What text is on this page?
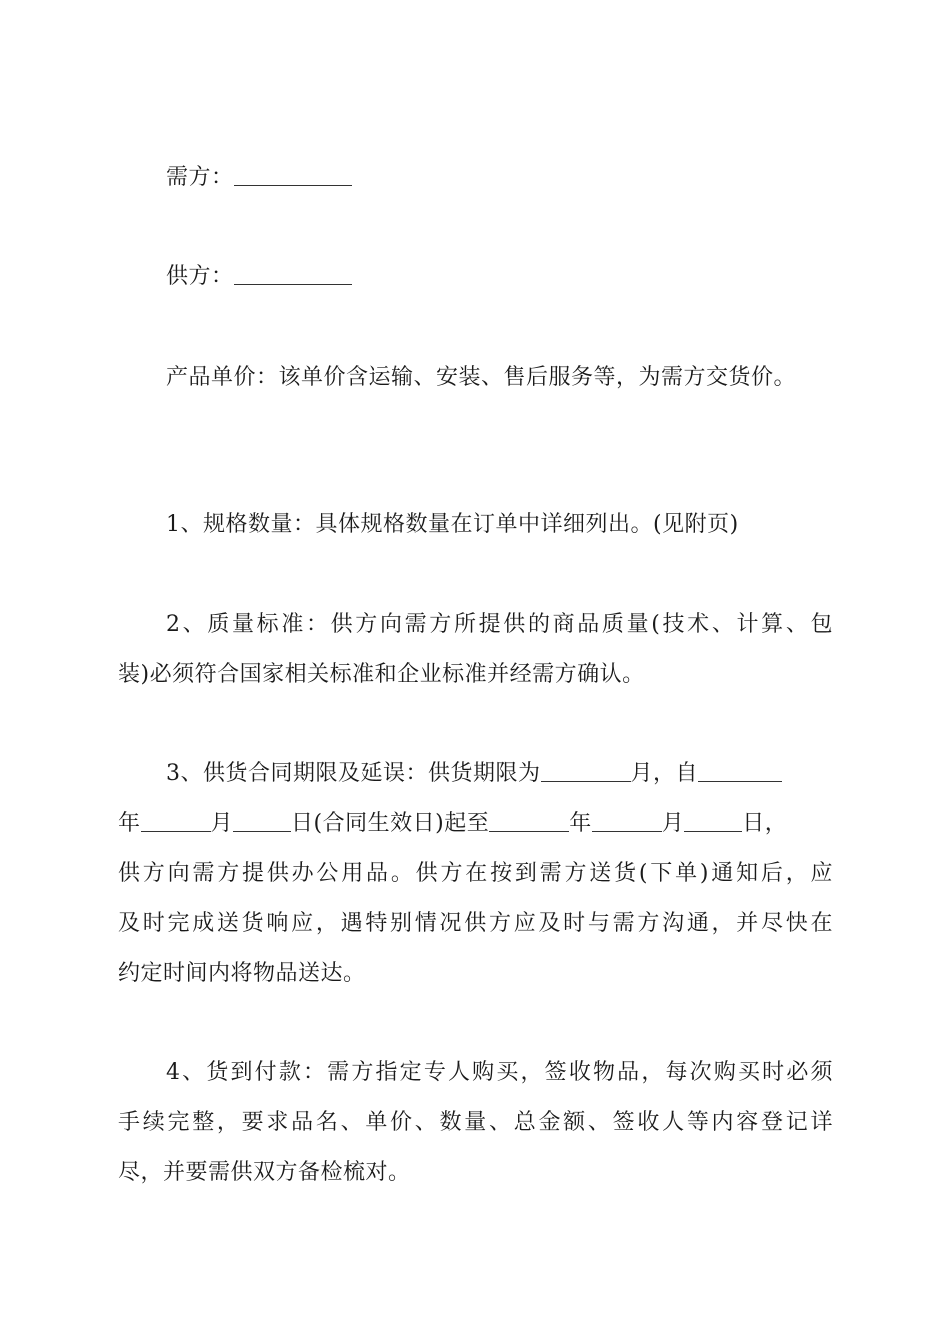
需方：
供方：
产品单价：该单价含运输、安装、售后服务等，为需方交货价。
1、规格数量：具体规格数量在订单中详细列出。(见附页)
2、质量标准：供方向需方所提供的商品质量(技术、计算、包
装)必须符合国家相关标准和企业标准并经需方确认。
3、供货合同期限及延误：供货期限为	月，自
年	月	日(合同生效日)起至	年	月	日，
供方向需方提供办公用品。供方在按到需方送货(下单)通知后，应
及时完成送货响应，遇特别情况供方应及时与需方沟通，并尽快在
约定时间内将物品送达。
4、货到付款：需方指定专人购买，签收物品，每次购买时必须
手续完整，要求品名、单价、数量、总金额、签收人等内容登记详
尽，并要需供双方备检梳对。
